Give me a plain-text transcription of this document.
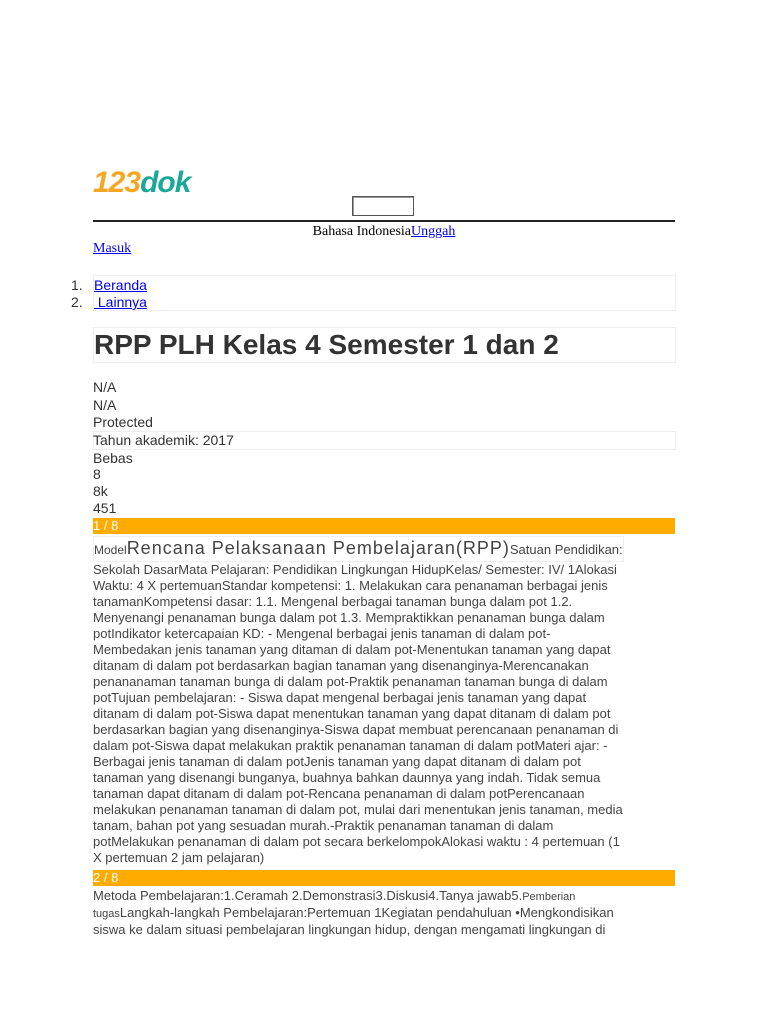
123dok
Bahasa IndonesiaUnggah
Masuk
1. Beranda
2. Lainnya
RPP PLH Kelas 4 Semester 1 dan 2
N/A
N/A
Protected
Tahun akademik: 2017
Bebas
8
8k
451
1 / 8
ModelRencana Pelaksanaan Pembelajaran(RPP)Satuan Pendidikan:
Sekolah DasarMata Pelajaran: Pendidikan Lingkungan HidupKelas/ Semester: IV/ 1Alokasi
Waktu: 4 X pertemuanStandar kompetensi: 1. Melakukan cara penanaman berbagai jenis
tanamanKompetensi dasar: 1.1. Mengenal berbagai tanaman bunga dalam pot 1.2.
Menyenangi penanaman bunga dalam pot 1.3. Mempraktikkan penanaman bunga dalam
potIndikator ketercapaian KD: - Mengenal berbagai jenis tanaman di dalam pot-
Membedakan jenis tanaman yang ditaman di dalam pot-Menentukan tanaman yang dapat
ditanam di dalam pot berdasarkan bagian tanaman yang disenanginya-Merencanakan
penananaman tanaman bunga di dalam pot-Praktik penanaman tanaman bunga di dalam
potTujuan pembelajaran: - Siswa dapat mengenal berbagai jenis tanaman yang dapat
ditanam di dalam pot-Siswa dapat menentukan tanaman yang dapat ditanam di dalam pot
berdasarkan bagian yang disenanginya-Siswa dapat membuat perencanaan penanaman di
dalam pot-Siswa dapat melakukan praktik penanaman tanaman di dalam potMateri ajar: -
Berbagai jenis tanaman di dalam potJenis tanaman yang dapat ditanam di dalam pot
tanaman yang disenangi bunganya, buahnya bahkan daunnya yang indah. Tidak semua
tanaman dapat ditanam di dalam pot-Rencana penanaman di dalam potPerencanaan
melakukan penanaman tanaman di dalam pot, mulai dari menentukan jenis tanaman, media
tanam, bahan pot yang sesuadan murah.-Praktik penanaman tanaman di dalam
potMelakukan penanaman di dalam pot secara berkelompokAlokasi waktu : 4 pertemuan (1
X pertemuan 2 jam pelajaran)
2 / 8
Metoda Pembelajaran:1.Ceramah 2.Demonstrasi3.Diskusi4.Tanya jawab5.Pemberian
tugasLangkah-langkah Pembelajaran:Pertemuan 1Kegiatan pendahuluan •Mengkondisikan
siswa ke dalam situasi pembelajaran lingkungan hidup, dengan mengamati lingkungan di
